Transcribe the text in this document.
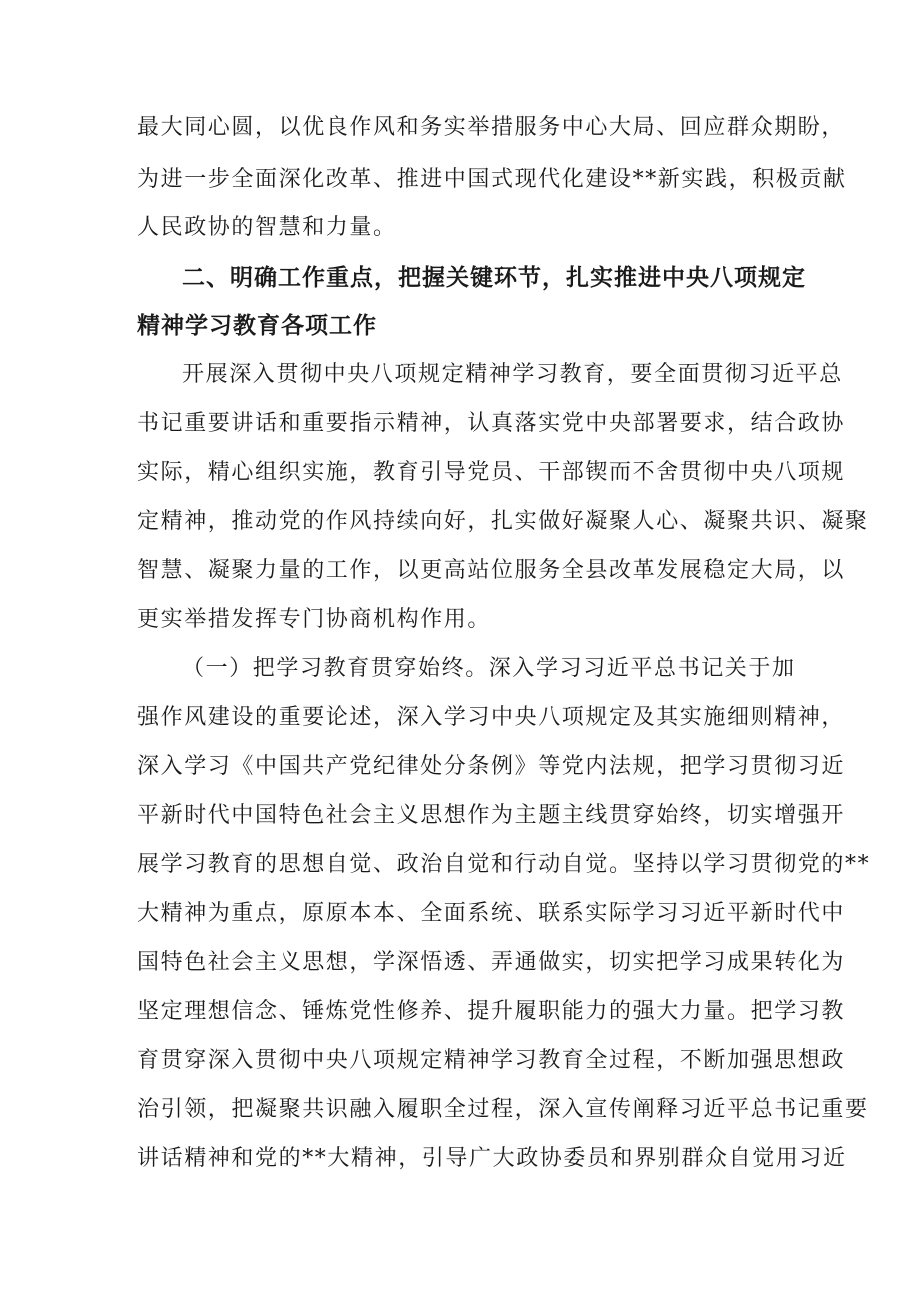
最大同心圆，以优良作风和务实举措服务中心大局、回应群众期盼，
为进一步全面深化改革、推进中国式现代化建设**新实践，积极贡献
人民政协的智慧和力量。
二、明确工作重点，把握关键环节，扎实推进中央八项规定
精神学习教育各项工作
开展深入贯彻中央八项规定精神学习教育，要全面贯彻习近平总
书记重要讲话和重要指示精神，认真落实党中央部署要求，结合政协
实际，精心组织实施，教育引导党员、干部锲而不舍贯彻中央八项规
定精神，推动党的作风持续向好，扎实做好凝聚人心、凝聚共识、凝聚
智慧、凝聚力量的工作，以更高站位服务全县改革发展稳定大局，以
更实举措发挥专门协商机构作用。
（一）把学习教育贯穿始终。深入学习习近平总书记关于加
强作风建设的重要论述，深入学习中央八项规定及其实施细则精神，
深入学习《中国共产党纪律处分条例》等党内法规，把学习贯彻习近
平新时代中国特色社会主义思想作为主题主线贯穿始终，切实增强开
展学习教育的思想自觉、政治自觉和行动自觉。坚持以学习贯彻党的**
大精神为重点，原原本本、全面系统、联系实际学习习近平新时代中
国特色社会主义思想，学深悟透、弄通做实，切实把学习成果转化为
坚定理想信念、锤炼党性修养、提升履职能力的强大力量。把学习教
育贯穿深入贯彻中央八项规定精神学习教育全过程，不断加强思想政
治引领，把凝聚共识融入履职全过程，深入宣传阐释习近平总书记重要
讲话精神和党的**大精神，引导广大政协委员和界别群众自觉用习近
